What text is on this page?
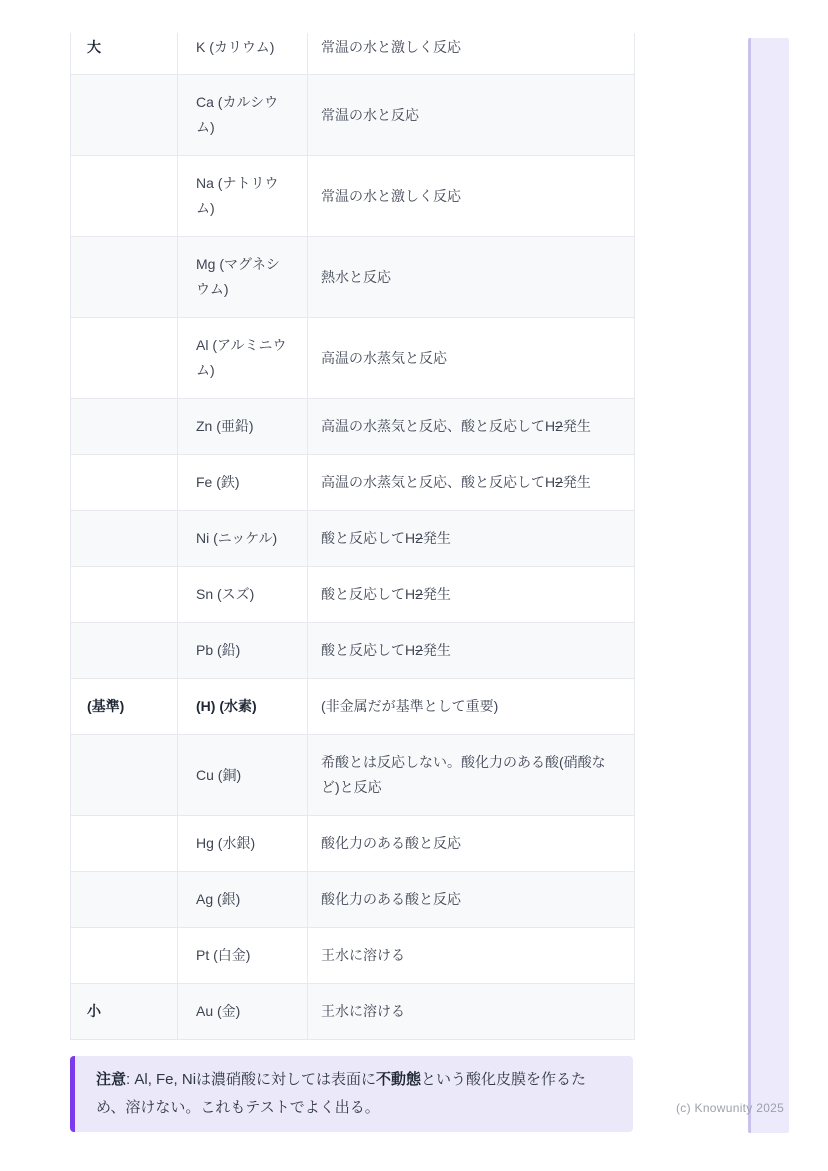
大	K (カリウム)	常温の水と激しく反応
	Ca (カルシウム)	常温の水と反応
	Na (ナトリウム)	常温の水と激しく反応
	Mg (マグネシウム)	熱水と反応
	Al (アルミニウム)	高温の水蒸気と反応
	Zn (亜鉛)	高温の水蒸気と反応、酸と反応してH2発生
	Fe (鉄)	高温の水蒸気と反応、酸と反応してH2発生
	Ni (ニッケル)	酸と反応してH2発生
	Sn (スズ)	酸と反応してH2発生
	Pb (鉛)	酸と反応してH2発生
(基準)	(H) (水素)	(非金属だが基準として重要)
	Cu (銅)	希酸とは反応しない。酸化力のある酸(硝酸など)と反応
	Hg (水銀)	酸化力のある酸と反応
	Ag (銀)	酸化力のある酸と反応
	Pt (白金)	王水に溶ける
小	Au (金)	王水に溶ける

注意: Al, Fe, Niは濃硝酸に対しては表面に不動態という酸化皮膜を作るため、溶けない。これもテストでよく出る。	(c) Knowunity 2025
